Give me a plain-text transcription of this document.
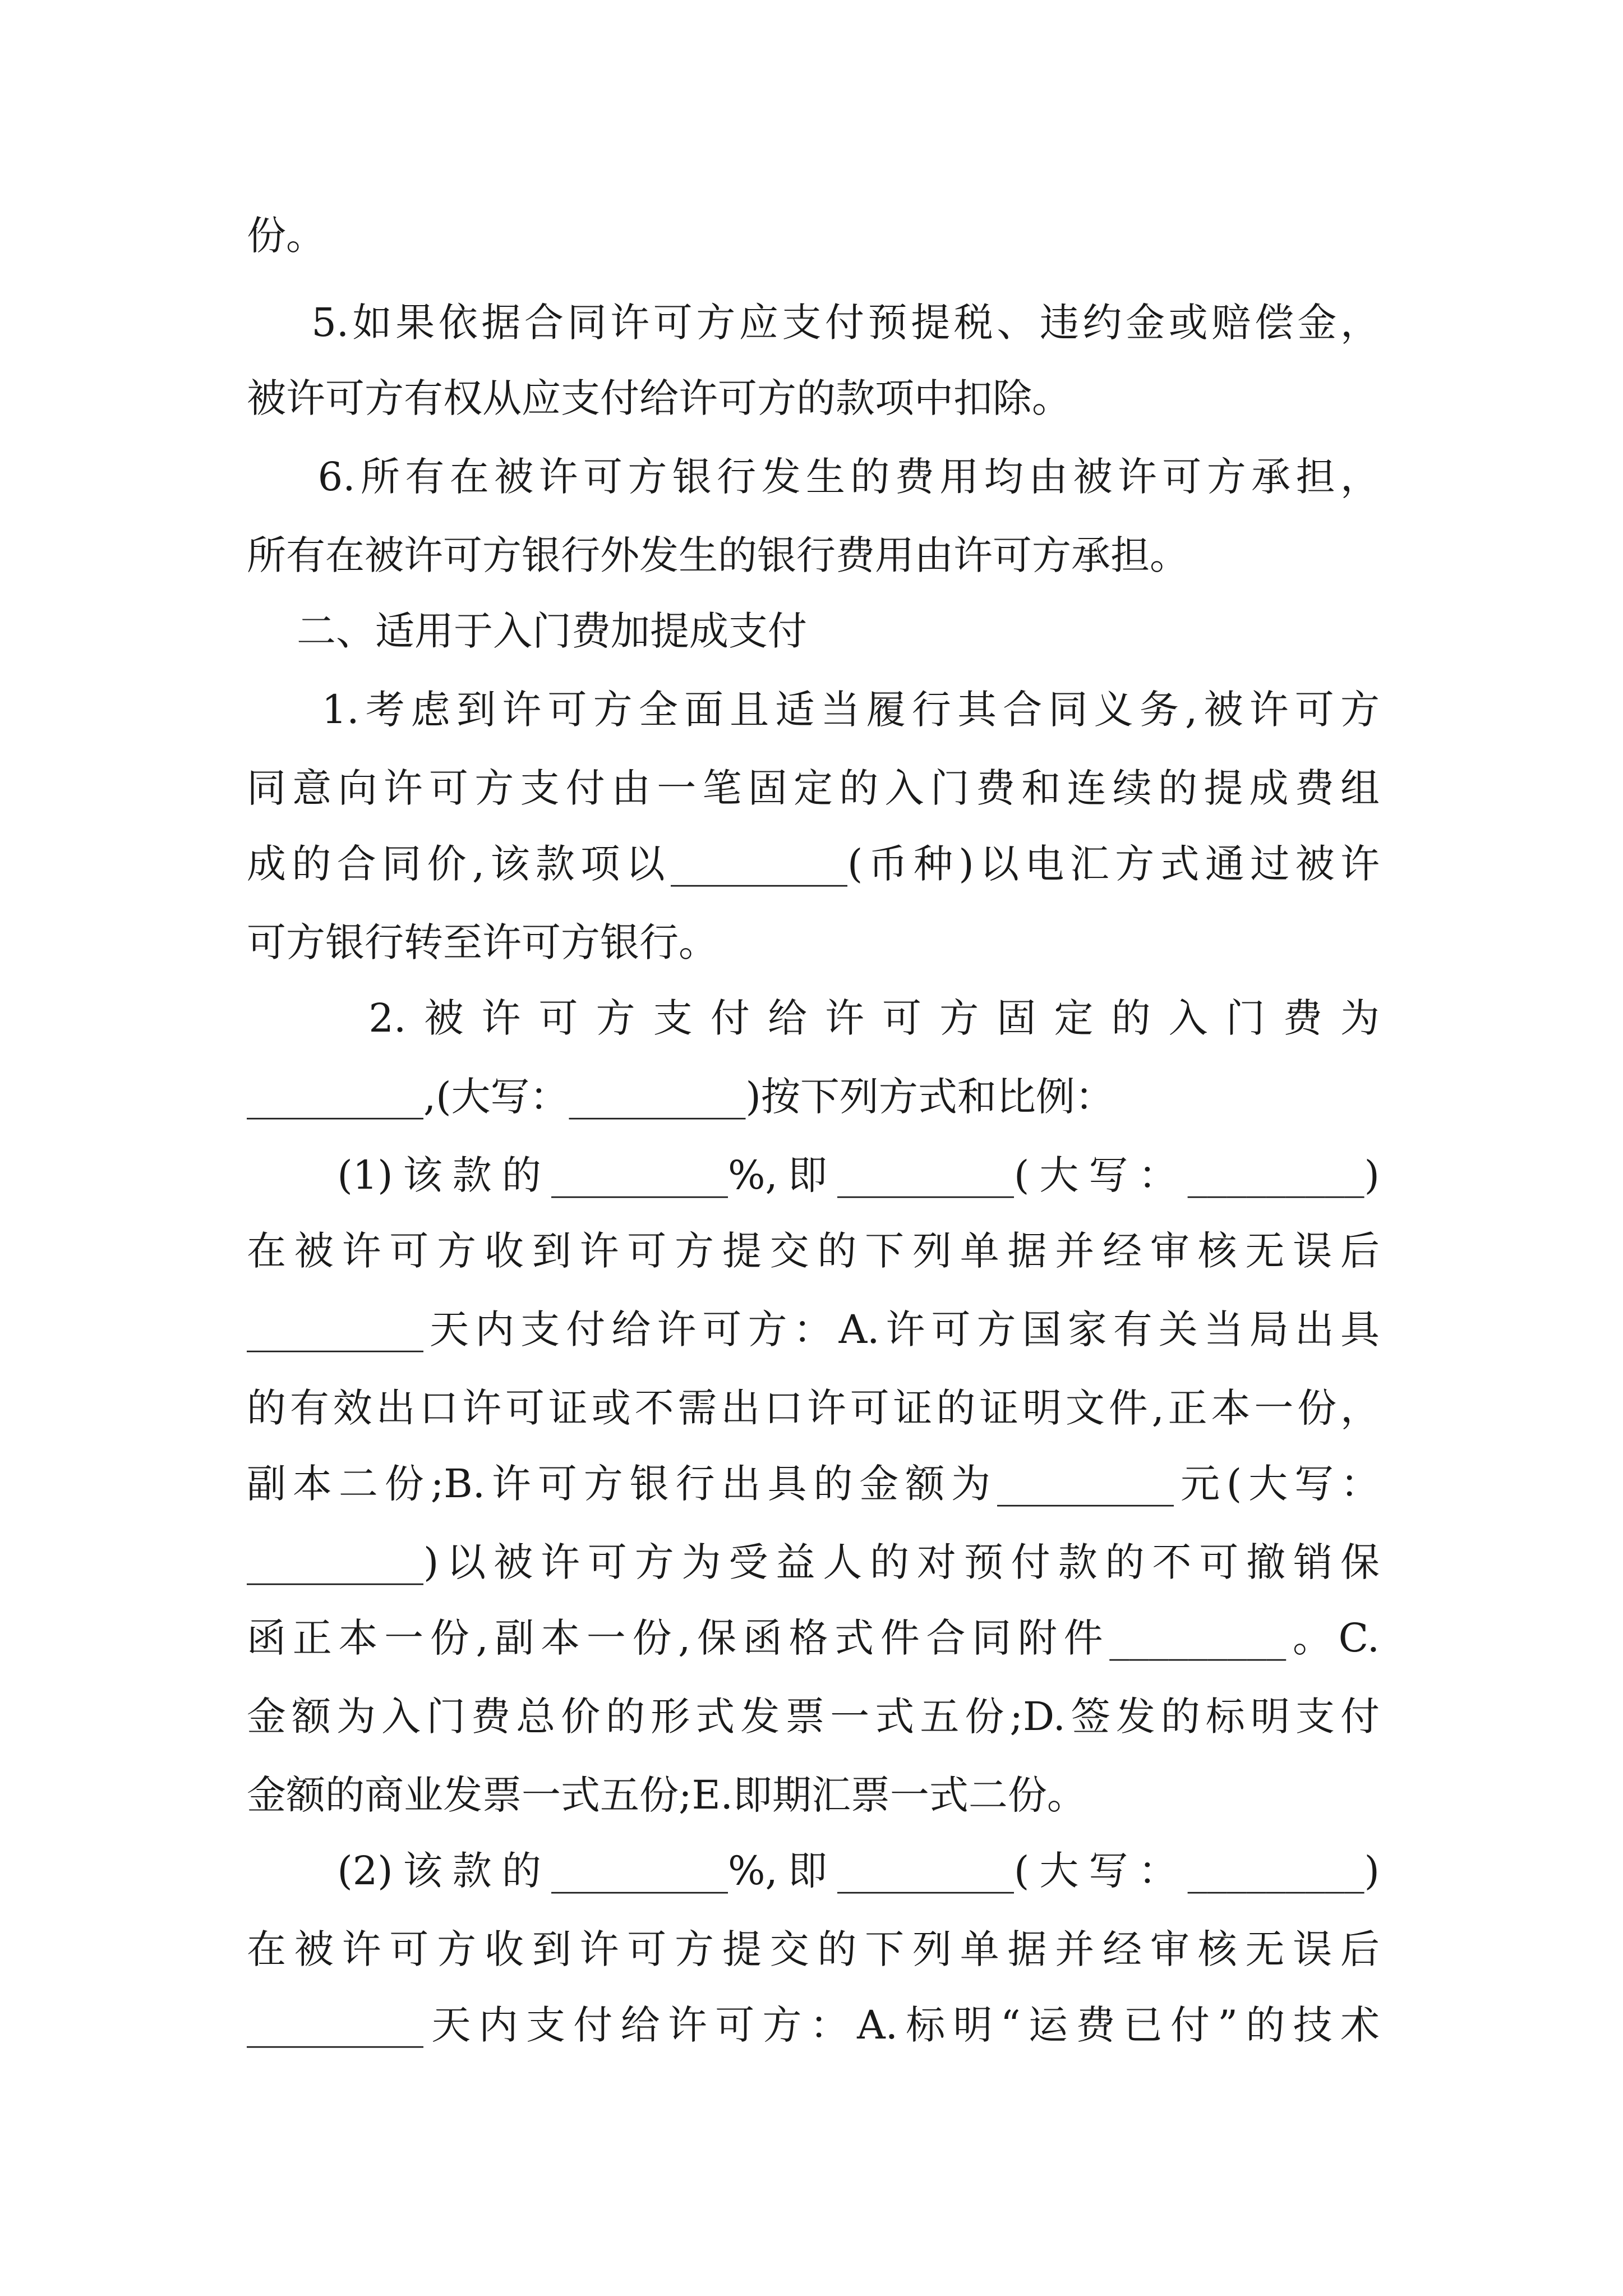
份。
5.如果依据合同许可方应支付预提税、违约金或赔偿金，
被许可方有权从应支付给许可方的款项中扣除。
6.所有在被许可方银行发生的费用均由被许可方承担，
所有在被许可方银行外发生的银行费用由许可方承担。
二、适用于入门费加提成支付
1.考虑到许可方全面且适当履行其合同义务,被许可方
同意向许可方支付由一笔固定的入门费和连续的提成费组
成的合同价,该款项以_________(币种)以电汇方式通过被许
可方银行转至许可方银行。
2.被许可方支付给许可方固定的入门费为
_________,(大写：_________)按下列方式和比例：
(1)该款的_________%,即_________(大写：_________)
在被许可方收到许可方提交的下列单据并经审核无误后
_________天内支付给许可方：A.许可方国家有关当局出具
的有效出口许可证或不需出口许可证的证明文件,正本一份，
副本二份;B.许可方银行出具的金额为_________元(大写：
_________)以被许可方为受益人的对预付款的不可撤销保
函正本一份,副本一份,保函格式件合同附件_________。C.
金额为入门费总价的形式发票一式五份;D.签发的标明支付
金额的商业发票一式五份;E.即期汇票一式二份。
(2)该款的_________%,即_________(大写：_________)
在被许可方收到许可方提交的下列单据并经审核无误后
_________天内支付给许可方：A.标明“运费已付”的技术
